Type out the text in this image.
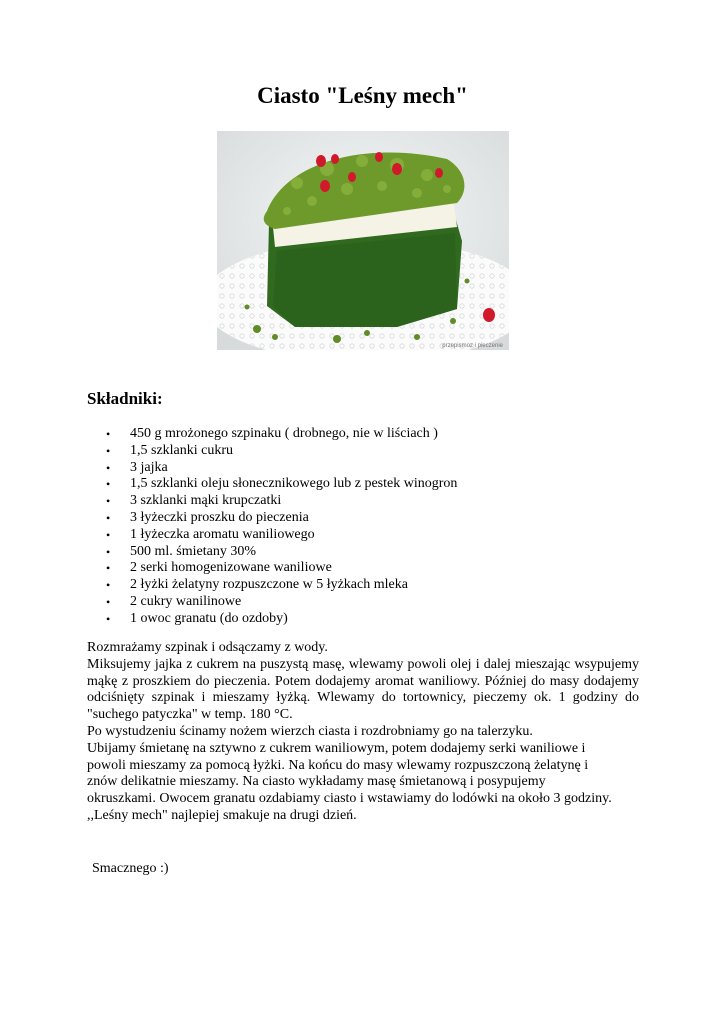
Ciasto "Leśny mech"
przepismoz i pieczenie
Składniki:
• 450 g mrożonego szpinaku ( drobnego, nie w liściach )
• 1,5 szklanki cukru
• 3 jajka
• 1,5 szklanki oleju słonecznikowego lub z pestek winogron
• 3 szklanki mąki krupczatki
• 3 łyżeczki proszku do pieczenia
• 1 łyżeczka aromatu waniliowego
• 500 ml. śmietany 30%
• 2 serki homogenizowane waniliowe
• 2 łyżki żelatyny rozpuszczone w 5 łyżkach mleka
• 2 cukry wanilinowe
• 1 owoc granatu (do ozdoby)

Rozmrażamy szpinak i odsączamy z wody.

Miksujemy jajka z cukrem na puszystą masę, wlewamy powoli olej i dalej mieszając wsypujemy mąkę z proszkiem do pieczenia. Potem dodajemy aromat waniliowy. Później do masy dodajemy odciśnięty szpinak i mieszamy łyżką. Wlewamy do tortownicy, pieczemy ok. 1 godziny do "suchego patyczka" w temp. 180 °C.

Po wystudzeniu ścinamy nożem wierzch ciasta i rozdrobniamy go na talerzyku.

Ubijamy śmietanę na sztywno z cukrem waniliowym, potem dodajemy serki waniliowe i

powoli mieszamy za pomocą łyżki. Na końcu do masy wlewamy rozpuszczoną żelatynę i

znów delikatnie mieszamy. Na ciasto wykładamy masę śmietanową i posypujemy

okruszkami. Owocem granatu ozdabiamy ciasto i wstawiamy do lodówki na około 3 godziny.

,,Leśny mech" najlepiej smakuje na drugi dzień.

Smacznego :)
